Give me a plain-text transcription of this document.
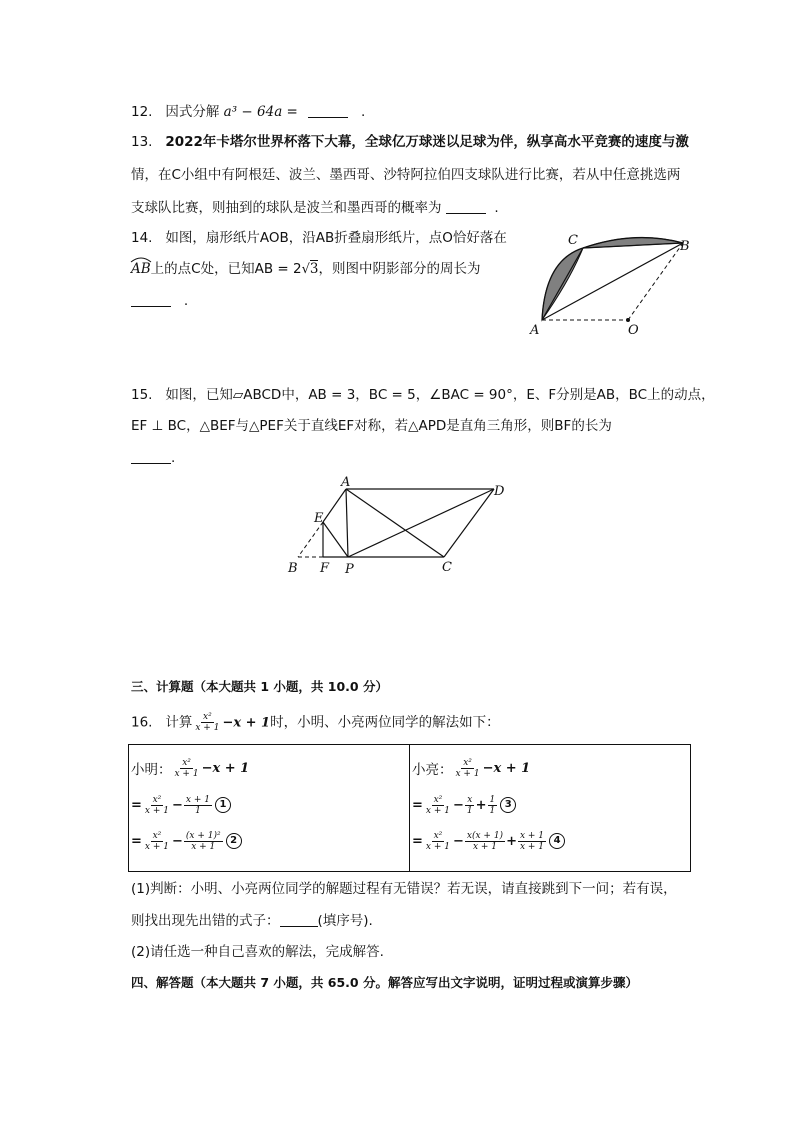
12. 因式分解 a³ − 64a =	.
13. 2022年卡塔尔世界杯落下大幕，全球亿万球迷以足球为伴，纵享高水平竞赛的速度与激
情，在C小组中有阿根廷、波兰、墨西哥、沙特阿拉伯四支球队进行比赛，若从中任意挑选两
支球队比赛，则抽到的球队是波兰和墨西哥的概率为	.
14. 如图，扇形纸片AOB，沿AB折叠扇形纸片，点O恰好落在
AB上的点C处，已知AB = 2√3，则图中阴影部分的周长为
.
A
B
C
O
15. 如图，已知▱ABCD中，AB = 3，BC = 5，∠BAC = 90°，E、F分别是AB，BC上的动点，
EF ⊥ BC，△BEF与△PEF关于直线EF对称，若△APD是直角三角形，则BF的长为
.
A
D
E
B F P	C
三、计算题（本大题共 1 小题，共 10.0 分）
16. 计算 $\frac{\text{x²}}{x + 1} -x + 1$时，小明、小亮两位同学的解法如下：
小明： $\frac{\text{x²}}{x + 1} -x + 1$
= $\frac{\text{x²}}{x + 1} - \frac{x + 1}{1} 1$
= $\frac{\text{x²}}{x + 1} - \frac{\text{(x + 1)²}}{x + 1} 2$

小亮： $\frac{\text{x²}}{x + 1} -x + 1$
= $\frac{\text{x²}}{x + 1} - \frac{x}{1} + \frac{1}{1} 3$
= $\frac{\text{x²}}{x + 1} - \frac{x(x + 1)}{x + 1} + \frac{x + 1}{x + 1} 4$
(1)判断：小明、小亮两位同学的解题过程有无错误？若无误，请直接跳到下一问；若有误，
则找出现先出错的式子：	(填序号).
(2)请任选一种自己喜欢的解法，完成解答.
四、解答题（本大题共 7 小题，共 65.0 分。解答应写出文字说明，证明过程或演算步骤）
